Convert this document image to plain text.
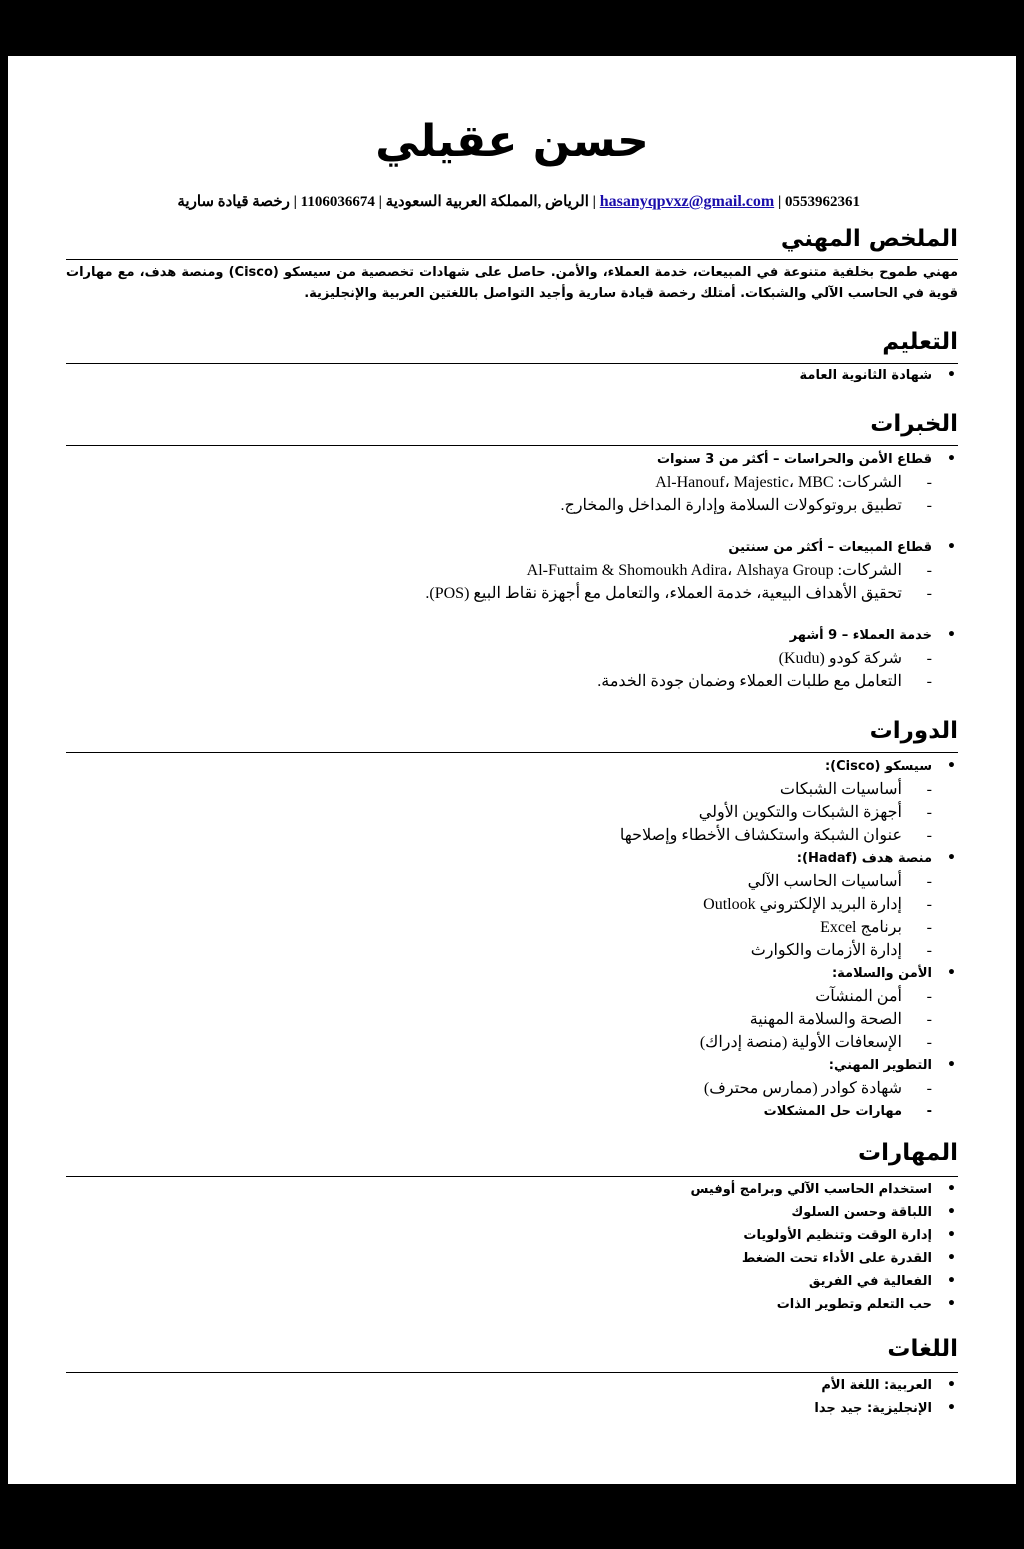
حسن عقيلي
0553962361 | hasanyqpvxz@gmail.com | الرياض ,المملكة العربية السعودية | 1106036674 | رخصة قيادة سارية
الملخص المهني
مهني طموح بخلفية متنوعة في المبيعات، خدمة العملاء، والأمن. حاصل على شهادات تخصصية من سيسكو (Cisco) ومنصة هدف، مع مهارات قوية في الحاسب الآلي والشبكات. أمتلك رخصة قيادة سارية وأجيد التواصل باللغتين العربية والإنجليزية.
التعليم
• شهادة الثانوية العامة
الخبرات
• قطاع الأمن والحراسات – أكثر من 3 سنوات
- الشركات: Al-Hanouf، Majestic، MBC
- تطبيق بروتوكولات السلامة وإدارة المداخل والمخارج.
• قطاع المبيعات – أكثر من سنتين
- الشركات: Al-Futtaim & Shomoukh Adira، Alshaya Group
- تحقيق الأهداف البيعية، خدمة العملاء، والتعامل مع أجهزة نقاط البيع (POS).
• خدمة العملاء – 9 أشهر
- شركة كودو (Kudu)
- التعامل مع طلبات العملاء وضمان جودة الخدمة.
الدورات
• سيسكو (Cisco):
- أساسيات الشبكات
- أجهزة الشبكات والتكوين الأولي
- عنوان الشبكة واستكشاف الأخطاء وإصلاحها
• منصة هدف (Hadaf):
- أساسيات الحاسب الآلي
- إدارة البريد الإلكتروني Outlook
- برنامج Excel
- إدارة الأزمات والكوارث
• الأمن والسلامة:
- أمن المنشآت
- الصحة والسلامة المهنية
- الإسعافات الأولية (منصة إدراك)
• التطوير المهني:
- شهادة كوادر (ممارس محترف)
- مهارات حل المشكلات
المهارات
• استخدام الحاسب الآلي وبرامج أوفيس
• اللباقة وحسن السلوك
• إدارة الوقت وتنظيم الأولويات
• القدرة على الأداء تحت الضغط
• الفعالية في الفريق
• حب التعلم وتطوير الذات
اللغات
• العربية: اللغة الأم
• الإنجليزية: جيد جدا
